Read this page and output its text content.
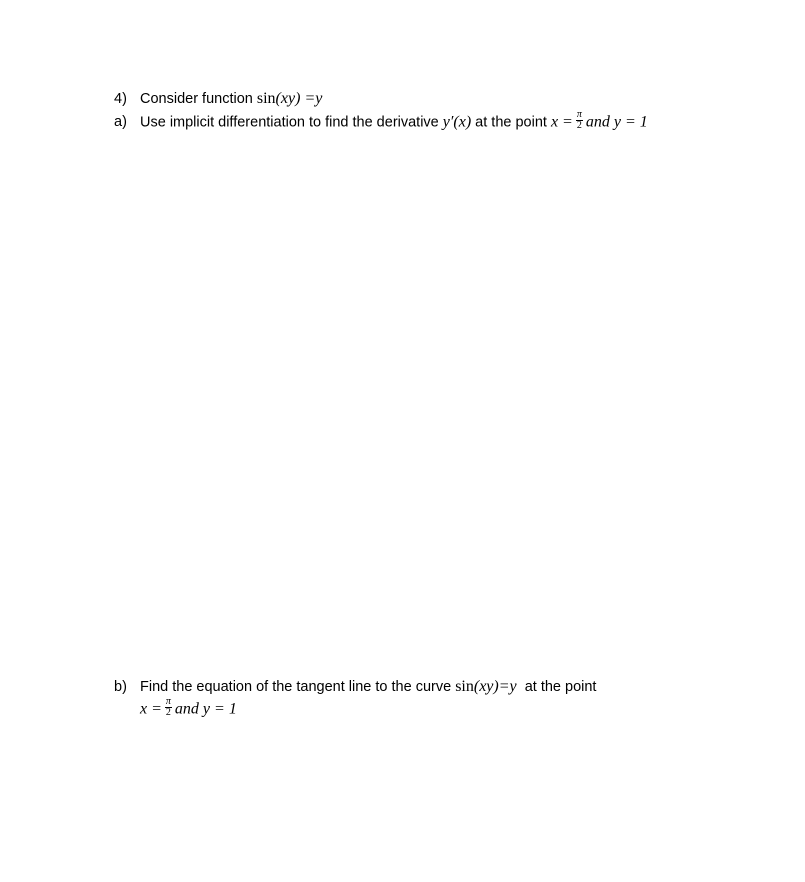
4) Consider function sin(xy) =y
a) Use implicit differentiation to find the derivative y′(x) at the point $x = \frac{\pi}{2}$ and y = 1
b) Find the equation of the tangent line to the curve sin(xy)=y at the point
$x = \frac{\pi}{2}$ and y = 1
